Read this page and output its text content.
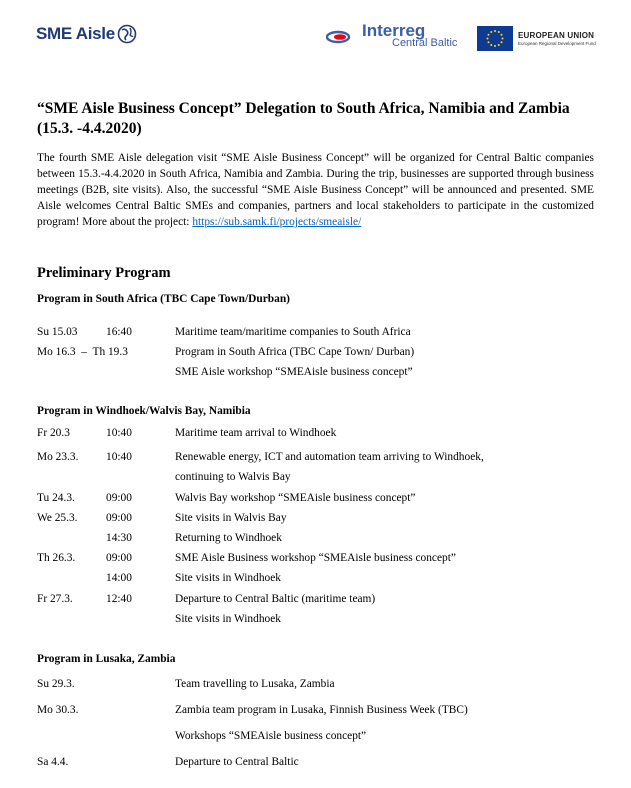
SME Aisle	Interreg
Central Baltic
EUROPEAN UNION
European Regional Development Fund
“SME Aisle Business Concept” Delegation to South Africa, Namibia and Zambia (15.3. -4.4.2020)
The fourth SME Aisle delegation visit “SME Aisle Business Concept” will be organized for Central Baltic companies between 15.3.-4.4.2020 in South Africa, Namibia and Zambia. During the trip, businesses are supported through business meetings (B2B, site visits). Also, the successful “SME Aisle Business Concept” will be announced and presented. SME Aisle welcomes Central Baltic SMEs and companies, partners and local stakeholders to participate in the customized program! More about the project: https://sub.samk.fi/projects/smeaisle/
Preliminary Program
Program in South Africa (TBC Cape Town/Durban)
Su 15.03 16:40	Maritime team/maritime companies to South Africa
Mo 16.3  –  Th 19.3	Program in South Africa (TBC Cape Town/ Durban)
SME Aisle workshop “SMEAisle business concept”
Program in Windhoek/Walvis Bay, Namibia
Fr 20.3	10:40	Maritime team arrival to Windhoek
Mo 23.3. 10:40	Renewable energy, ICT and automation team arriving to Windhoek,
continuing to Walvis Bay
Tu 24.3.	09:00	Walvis Bay workshop “SMEAisle business concept”
We 25.3. 09:00	Site visits in Walvis Bay
14:30	Returning to Windhoek
Th 26.3.	09:00	SME Aisle Business workshop “SMEAisle business concept”
14:00	Site visits in Windhoek
Fr 27.3.	12:40	Departure to Central Baltic (maritime team)
Site visits in Windhoek
Program in Lusaka, Zambia
Su 29.3.	Team travelling to Lusaka, Zambia
Mo 30.3.	Zambia team program in Lusaka, Finnish Business Week (TBC)
Workshops “SMEAisle business concept”
Sa 4.4.	Departure to Central Baltic
